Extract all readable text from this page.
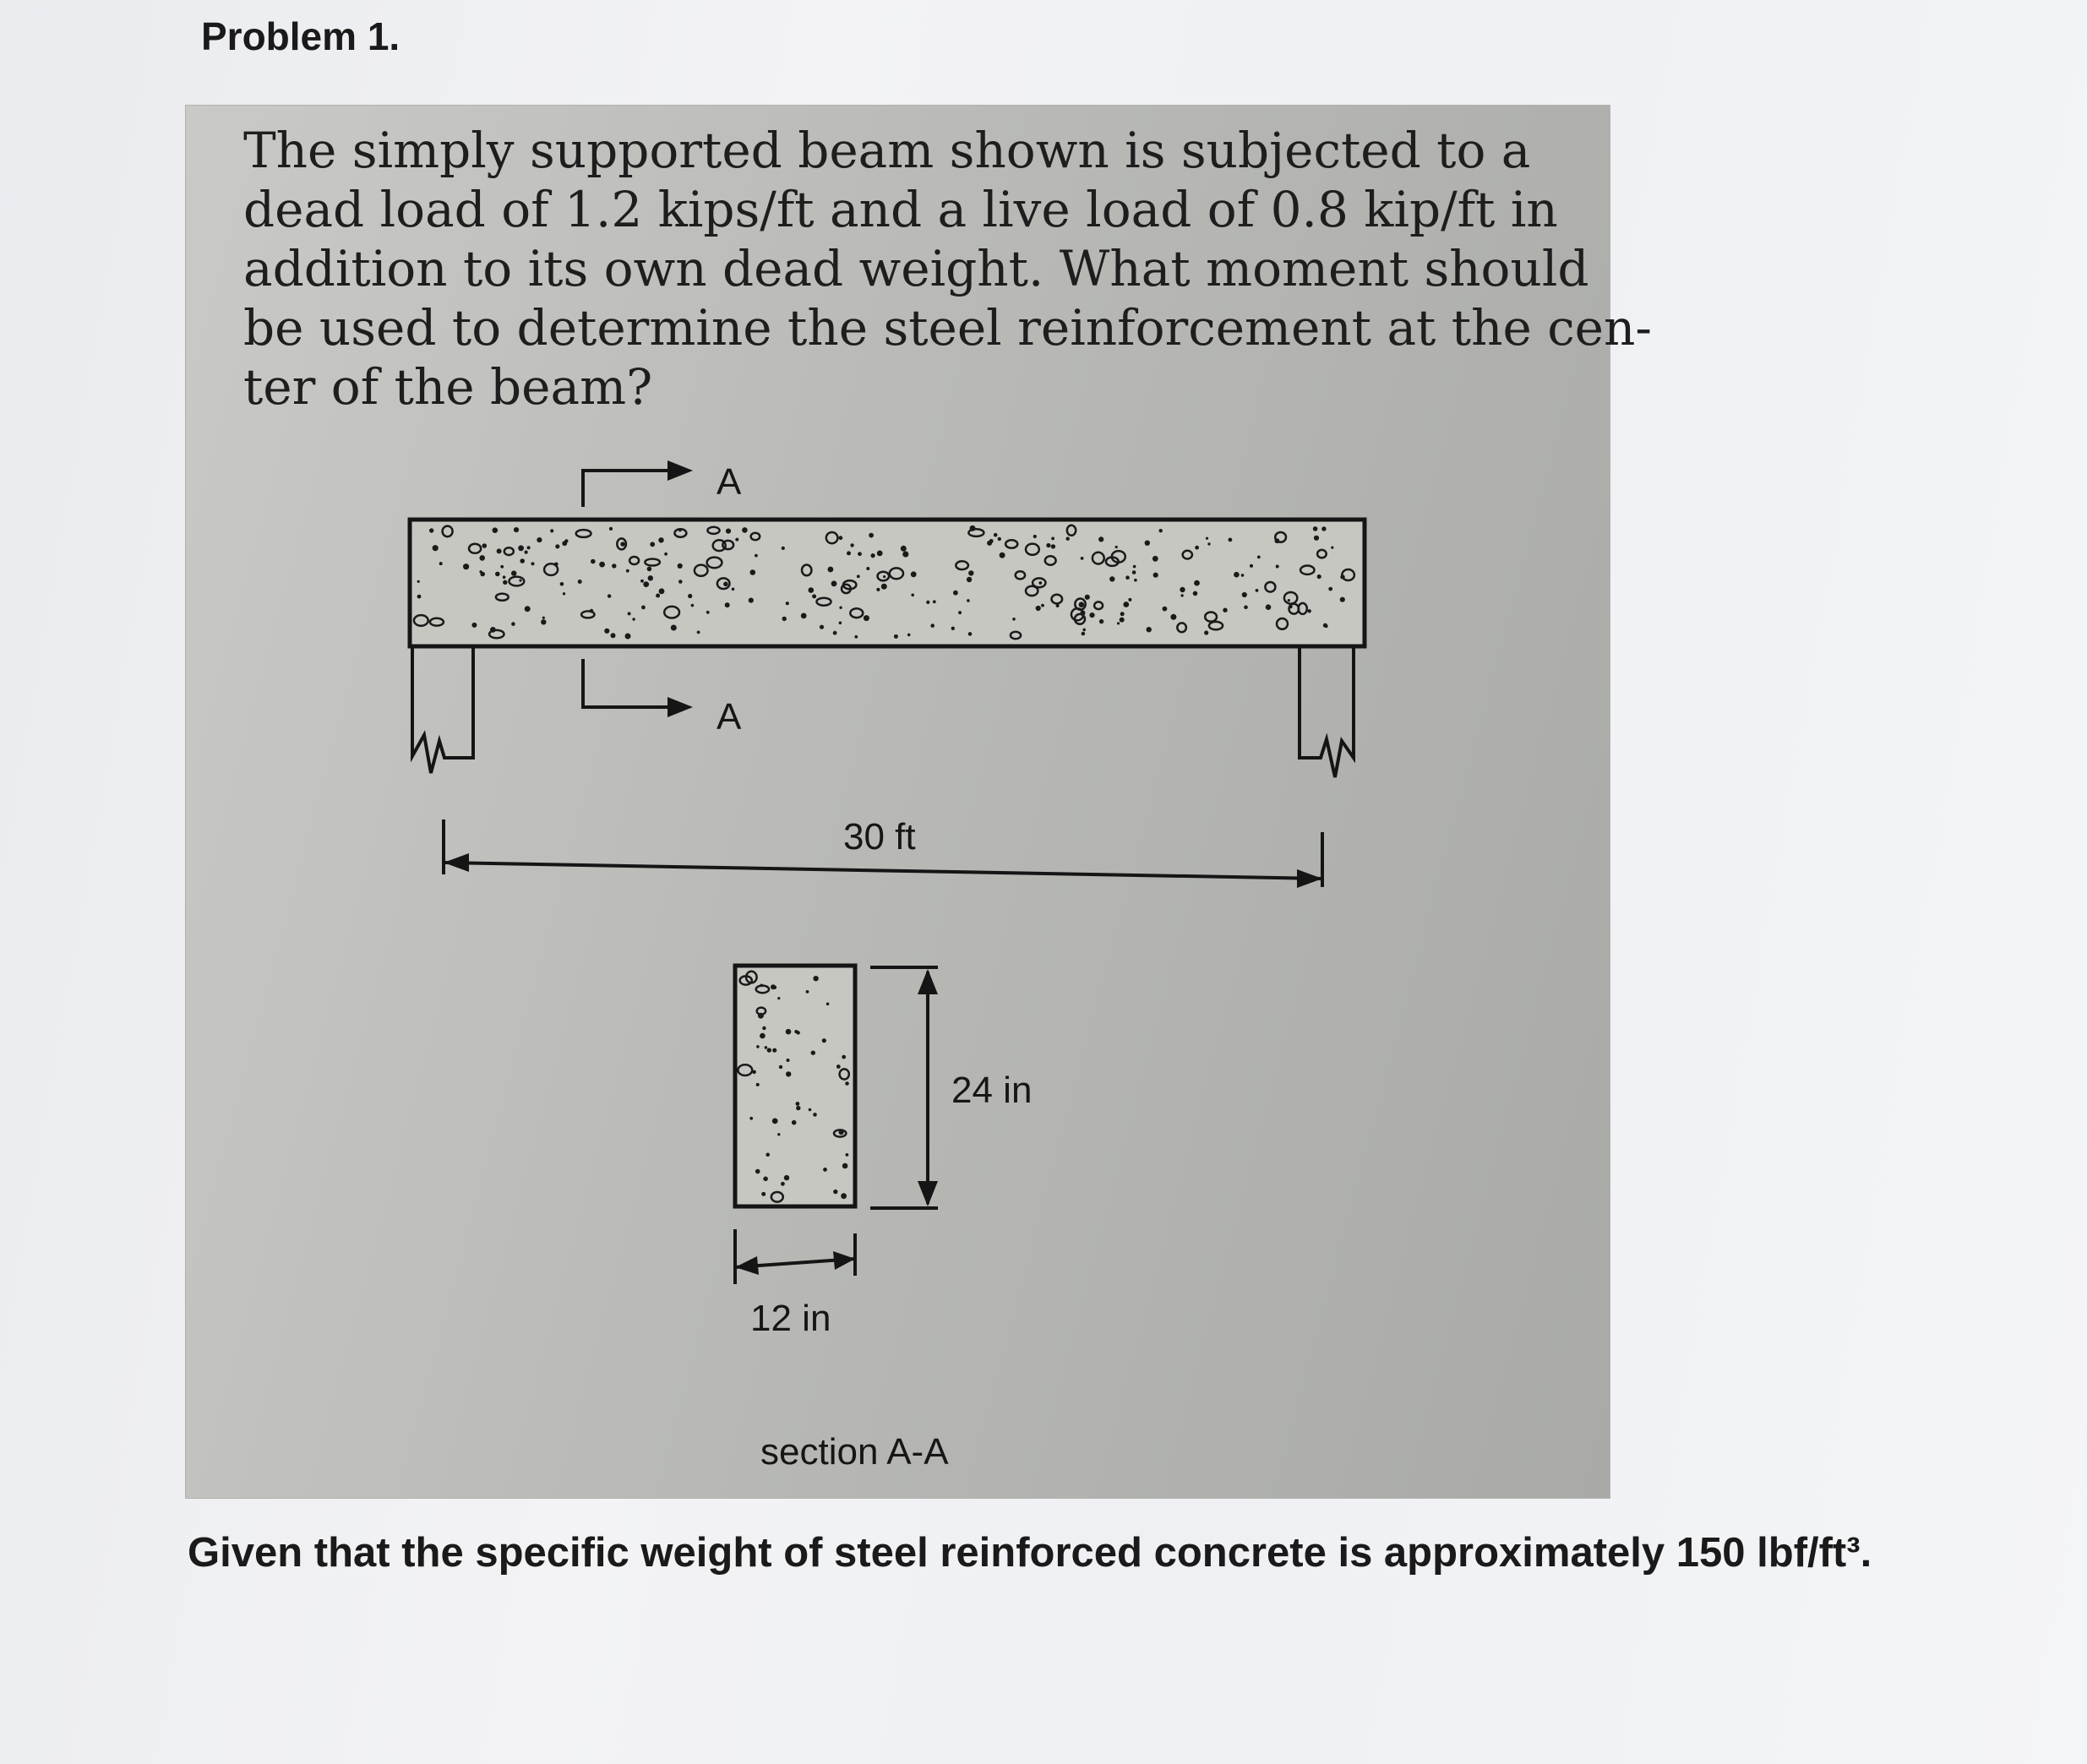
Problem 1.
The simply supported beam shown is subjected to a
dead load of 1.2 kips/ft and a live load of 0.8 kip/ft in
addition to its own dead weight. What moment should
be used to determine the steel reinforcement at the cen-
ter of the beam?
A
A
30 ft
24 in
12 in
section A-A
Given that the specific weight of steel reinforced concrete is approximately 150 lbf/ft³.
